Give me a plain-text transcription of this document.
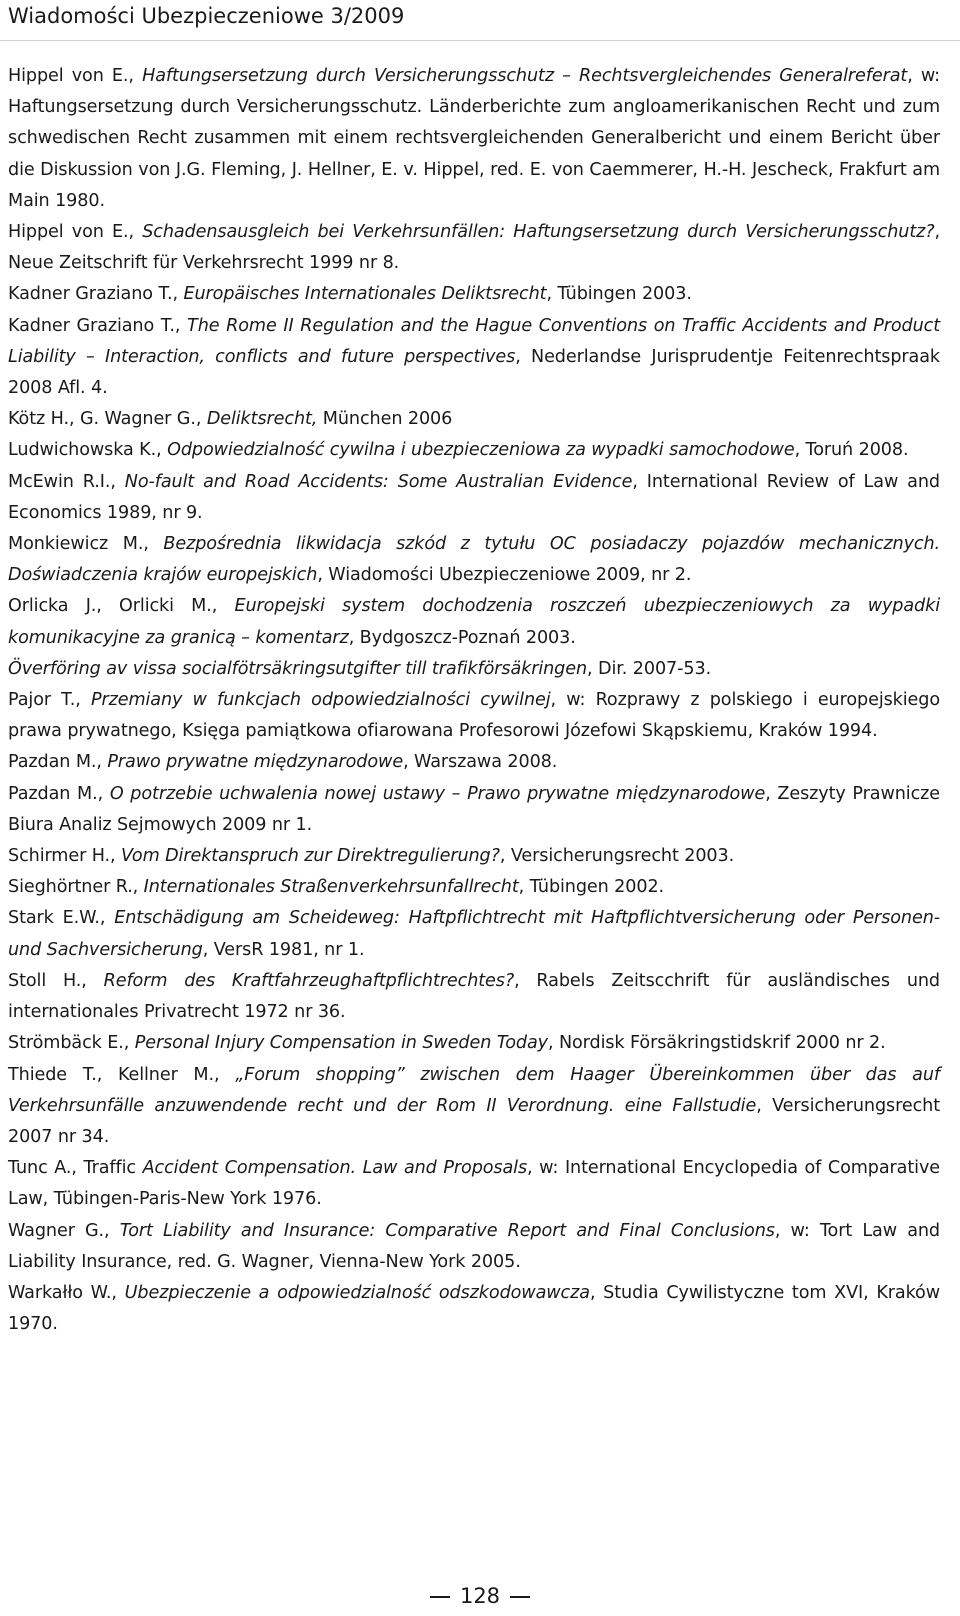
Wiadomości Ubezpieczeniowe 3/2009

Hippel von E., Haftungsersetzung durch Versicherungsschutz – Rechtsvergleichendes Generalreferat, w: Haftungsersetzung durch Versicherungsschutz. Länderberichte zum angloamerikanischen Recht und zum schwedischen Recht zusammen mit einem rechtsvergleichenden Generalbericht und einem Bericht über die Diskussion von J.G. Fleming, J. Hellner, E. v. Hippel, red. E. von Caemmerer, H.-H. Jescheck, Frakfurt am Main 1980.

Hippel von E., Schadensausgleich bei Verkehrsunfällen: Haftungsersetzung durch Versicherungsschutz?, Neue Zeitschrift für Verkehrsrecht 1999 nr 8.

Kadner Graziano T., Europäisches Internationales Deliktsrecht, Tübingen 2003.

Kadner Graziano T., The Rome II Regulation and the Hague Conventions on Traffic Accidents and Product Liability – Interaction, conflicts and future perspectives, Nederlandse Jurisprudentje Feitenrechtspraak 2008 Afl. 4.

Kötz H., G. Wagner G., Deliktsrecht, München 2006

Ludwichowska K., Odpowiedzialność cywilna i ubezpieczeniowa za wypadki samochodowe, Toruń 2008.

McEwin R.I., No-fault and Road Accidents: Some Australian Evidence, International Review of Law and Economics 1989, nr 9.

Monkiewicz M., Bezpośrednia likwidacja szkód z tytułu OC posiadaczy pojazdów mechanicznych. Doświadczenia krajów europejskich, Wiadomości Ubezpieczeniowe 2009, nr 2.

Orlicka J., Orlicki M., Europejski system dochodzenia roszczeń ubezpieczeniowych za wypadki komunikacyjne za granicą – komentarz, Bydgoszcz-Poznań 2003.

Överföring av vissa socialfötrsäkringsutgifter till trafikförsäkringen, Dir. 2007-53.

Pajor T., Przemiany w funkcjach odpowiedzialności cywilnej, w: Rozprawy z polskiego i europejskiego prawa prywatnego, Księga pamiątkowa ofiarowana Profesorowi Józefowi Skąpskiemu, Kraków 1994.

Pazdan M., Prawo prywatne międzynarodowe, Warszawa 2008.

Pazdan M., O potrzebie uchwalenia nowej ustawy – Prawo prywatne międzynarodowe, Zeszyty Prawnicze Biura Analiz Sejmowych 2009 nr 1.

Schirmer H., Vom Direktanspruch zur Direktregulierung?, Versicherungsrecht 2003.

Sieghörtner R., Internationales Straßenverkehrsunfallrecht, Tübingen 2002.

Stark E.W., Entschädigung am Scheideweg: Haftpflichtrecht mit Haftpflichtversicherung oder Personen- und Sachversicherung, VersR 1981, nr 1.

Stoll H., Reform des Kraftfahrzeughaftpflichtrechtes?, Rabels Zeitscchrift für ausländisches und internationales Privatrecht 1972 nr 36.

Strömbäck E., Personal Injury Compensation in Sweden Today, Nordisk Försäkringstidskrif 2000 nr 2.

Thiede T., Kellner M., „Forum shopping” zwischen dem Haager Übereinkommen über das auf Verkehrsunfälle anzuwendende recht und der Rom II Verordnung. eine Fallstudie, Versicherungsrecht 2007 nr 34.

Tunc A., Traffic Accident Compensation. Law and Proposals, w: International Encyclopedia of Comparative Law, Tübingen-Paris-New York 1976.

Wagner G., Tort Liability and Insurance: Comparative Report and Final Conclusions, w: Tort Law and Liability Insurance, red. G. Wagner, Vienna-New York 2005.

Warkałło W., Ubezpieczenie a odpowiedzialność odszkodowawcza, Studia Cywilistyczne tom XVI, Kraków 1970.

128
